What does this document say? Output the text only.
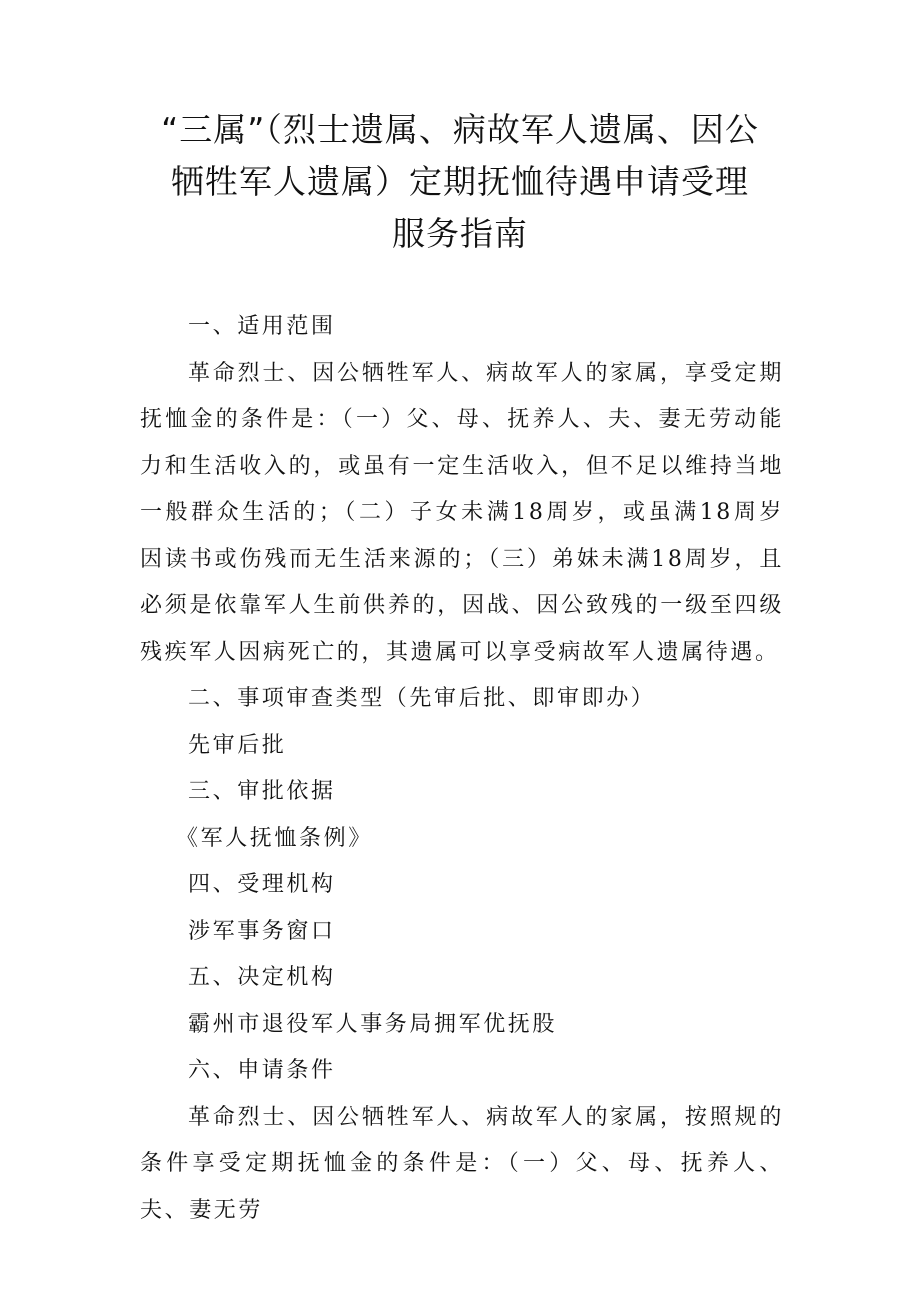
“三属”（烈士遗属、病故军人遗属、因公
牺牲军人遗属）定期抚恤待遇申请受理
服务指南

一、适用范围

革命烈士、因公牺牲军人、病故军人的家属，享受定期抚恤金的条件是：（一）父、母、抚养人、夫、妻无劳动能力和生活收入的，或虽有一定生活收入，但不足以维持当地一般群众生活的；（二）子女未满18周岁，或虽满18周岁因读书或伤残而无生活来源的；（三）弟妹未满18周岁，且必须是依靠军人生前供养的，因战、因公致残的一级至四级残疾军人因病死亡的，其遗属可以享受病故军人遗属待遇。

二、事项审查类型（先审后批、即审即办）

先审后批

三、审批依据

《军人抚恤条例》

四、受理机构

涉军事务窗口

五、决定机构

霸州市退役军人事务局拥军优抚股

六、申请条件

革命烈士、因公牺牲军人、病故军人的家属，按照规的条件享受定期抚恤金的条件是：（一）父、母、抚养人、夫、妻无劳
